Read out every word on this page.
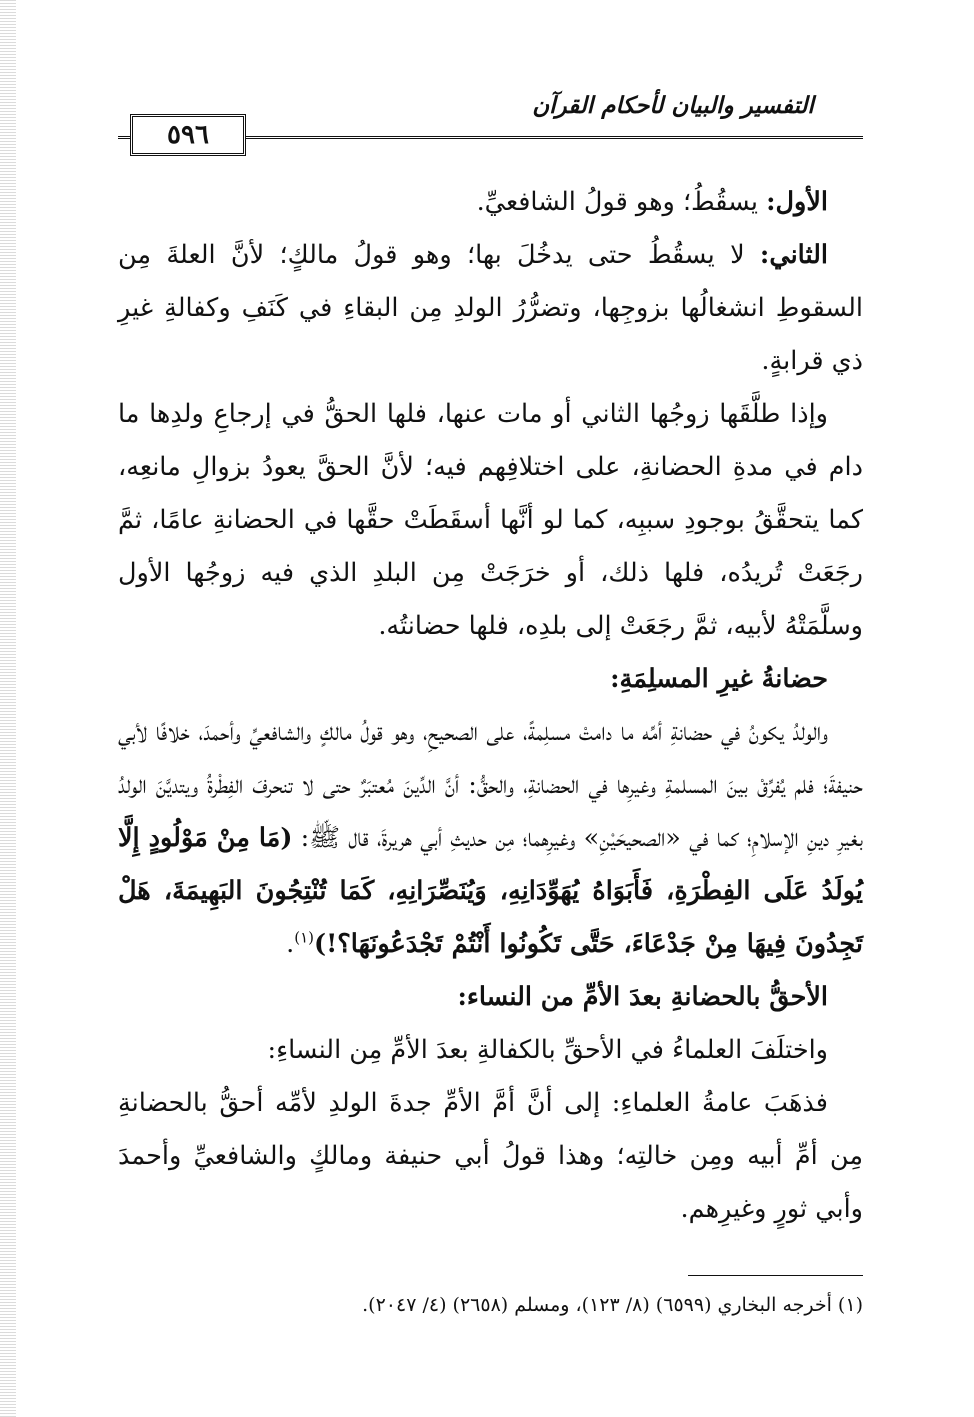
٥٩٦
التفسير والبيان لأحكام القرآن

الأول: يسقُطُ؛ وهو قولُ الشافعيِّ.

الثاني: لا يسقُطُ حتى يدخُلَ بها؛ وهو قولُ مالكٍ؛ لأنَّ العلةَ مِن السقوطِ انشغالُها بزوجِها، وتضرُّرُ الولدِ مِن البقاءِ في كَنَفِ وكفالةِ غيرِ ذي قرابةٍ.

وإذا طلَّقَها زوجُها الثاني أو مات عنها، فلها الحقُّ في إرجاعِ ولدِها ما دام في مدةِ الحضانةِ، على اختلافِهم فيه؛ لأنَّ الحقَّ يعودُ بزوالِ مانعِه، كما يتحقَّقُ بوجودِ سببِه، كما لو أنَّها أسقَطَتْ حقَّها في الحضانةِ عامًا، ثمَّ رجَعَتْ تُريدُه، فلها ذلك، أو خرَجَتْ مِن البلدِ الذي فيه زوجُها الأول وسلَّمَتْهُ لأبيه، ثمَّ رجَعَتْ إلى بلدِه، فلها حضانتُه.

حضانةُ غيرِ المسلِمَةِ:

والولدُ يكونُ في حضانةِ أمِّه ما دامتْ مسلِمةً، على الصحيحِ، وهو قولُ مالكٍ والشافعيِّ وأحمدَ، خلافًا لأبي حنيفةَ؛ فلم يُفرِّقْ بينَ المسلمةِ وغيرِها في الحضانةِ، والحقُّ: أنَّ الدِّينَ مُعتبَرٌ حتى لا تنحرفَ الفِطْرةُ ويتديَّنَ الولدُ بغيرِ دينِ الإسلامِ؛ كما في «الصحيحَيْنِ» وغيرِهما؛ مِن حديثِ أبي هريرةَ، قال ﷺ: (مَا مِنْ مَوْلُودٍ إِلَّا يُولَدُ عَلَى الفِطْرَةِ، فَأَبَوَاهُ يُهَوِّدَانِهِ، وَيُنَصِّرَانِهِ، كَمَا تُنْتِجُونَ البَهِيمَةَ، هَلْ تَجِدُونَ فِيهَا مِنْ جَدْعَاءَ، حَتَّى تَكُونُوا أَنْتُمْ تَجْدَعُونَهَا؟!)$^{(١)}$.

الأحقُّ بالحضانةِ بعدَ الأمِّ من النساء:

واختلَفَ العلماءُ في الأحقِّ بالكفالةِ بعدَ الأمِّ مِن النساءِ:

فذهَبَ عامةُ العلماءِ: إلى أنَّ أمَّ الأمِّ جدةَ الولدِ لأمِّه أحقُّ بالحضانةِ مِن أمِّ أبيه ومِن خالتِه؛ وهذا قولُ أبي حنيفة ومالكٍ والشافعيِّ وأحمدَ وأبي ثورٍ وغيرِهم.

(١) أخرجه البخاري (٦٥٩٩) (٨/ ١٢٣)، ومسلم (٢٦٥٨) (٤/ ٢٠٤٧).
